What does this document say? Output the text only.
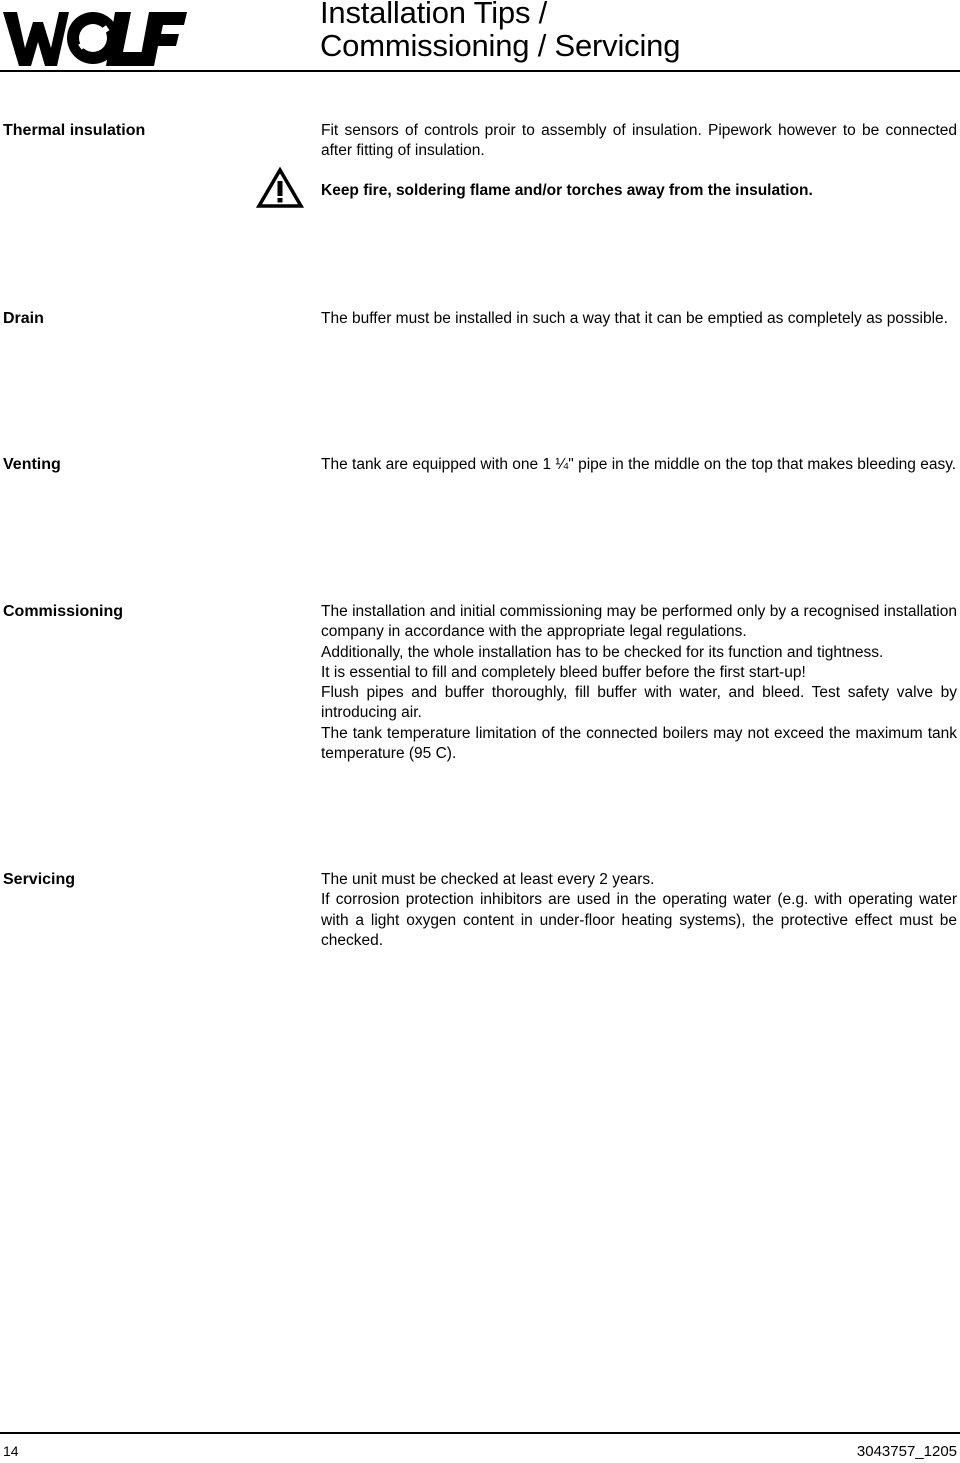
Installation Tips /
Commissioning / Servicing
Thermal insulation	Fit sensors of controls proir to assembly of insulation. Pipework however to be connected after fitting of insulation.

Keep fire, soldering flame and/or torches away from the insulation.
Drain	The buffer must be installed in such a way that it can be emptied as completely as possible.

Venting	The tank are equipped with one 1 ¼" pipe in the middle on the top that makes bleeding easy.

Commissioning	The installation and initial commissioning may be performed only by a recognised installation company in accordance with the appropriate legal regulations.

Additionally, the whole installation has to be checked for its function and tightness.

It is essential to fill and completely bleed buffer before the first start-up!

Flush pipes and buffer thoroughly, fill buffer with water, and bleed. Test safety valve by introducing air.

The tank temperature limitation of the connected boilers may not exceed the maximum tank temperature (95 C).

Servicing	The unit must be checked at least every 2 years.

If corrosion protection inhibitors are used in the operating water (e.g. with operating water with a light oxygen content in under-floor heating systems), the protective effect must be checked.

14	3043757_1205
